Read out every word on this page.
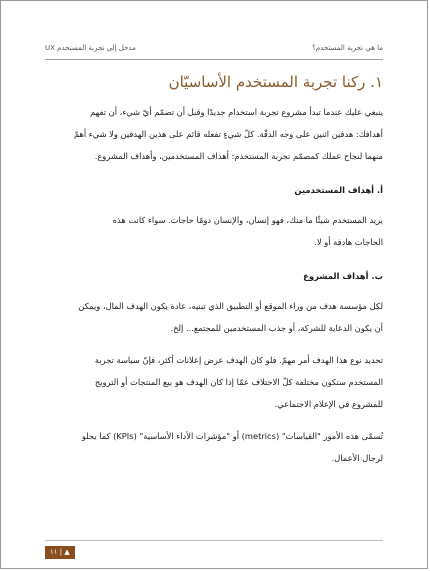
ما هي تجربة المستخدم؟
مدخل إلى تجربة المستخدم UX
١. ركنا تجربة المستخدم الأساسيّان

ينبغي عليك عندما تبدأ مشروع تجربة استخدام جديدًا وقبل أن تصمّم أيّ شيء، أن تفهم
أهدافك: هدفين اثنين على وجه الدقّة. كلّ شيءٍ تفعله قائم على هذين الهدفين ولا شيء أهمّ
منهما لنجاح عملك كمصمّم تجربة المستخدم: أهداف المستخدمين، وأهداف المشروع.

أ. أهداف المستخدمين

يريد المستخدم شيئًا ما منك، فهو إنسان، والإنسان دومًا حاجات. سواء كانت هذه
الحاجات هادفة أو لا.

ب. أهداف المشروع

لكل مؤسسة هدف من وراء الموقع أو التطبيق الذي تبنيه، عادة يكون الهدف المال، ويمكن
أن يكون الدعاية للشركة، أو جذب المستخدمين للمجتمع... إلخ.

تحديد نوع هذا الهدف أمر مهمّ. فلو كان الهدف عرض إعلانات أكثر، فإنّ سياسة تجربة
المستخدم ستكون مختلفة كلّ الاختلاف عمّا إذا كان الهدف هو بيع المنتجات أو الترويج
للمشروع في الإعلام الاجتماعي.

تُسمّى هذه الأمور "القياسات" (metrics) أو "مؤشرات الأداء الأساسية" (KPIs) كما يحلو
لرجال الأعمال.

▲ | ١١
